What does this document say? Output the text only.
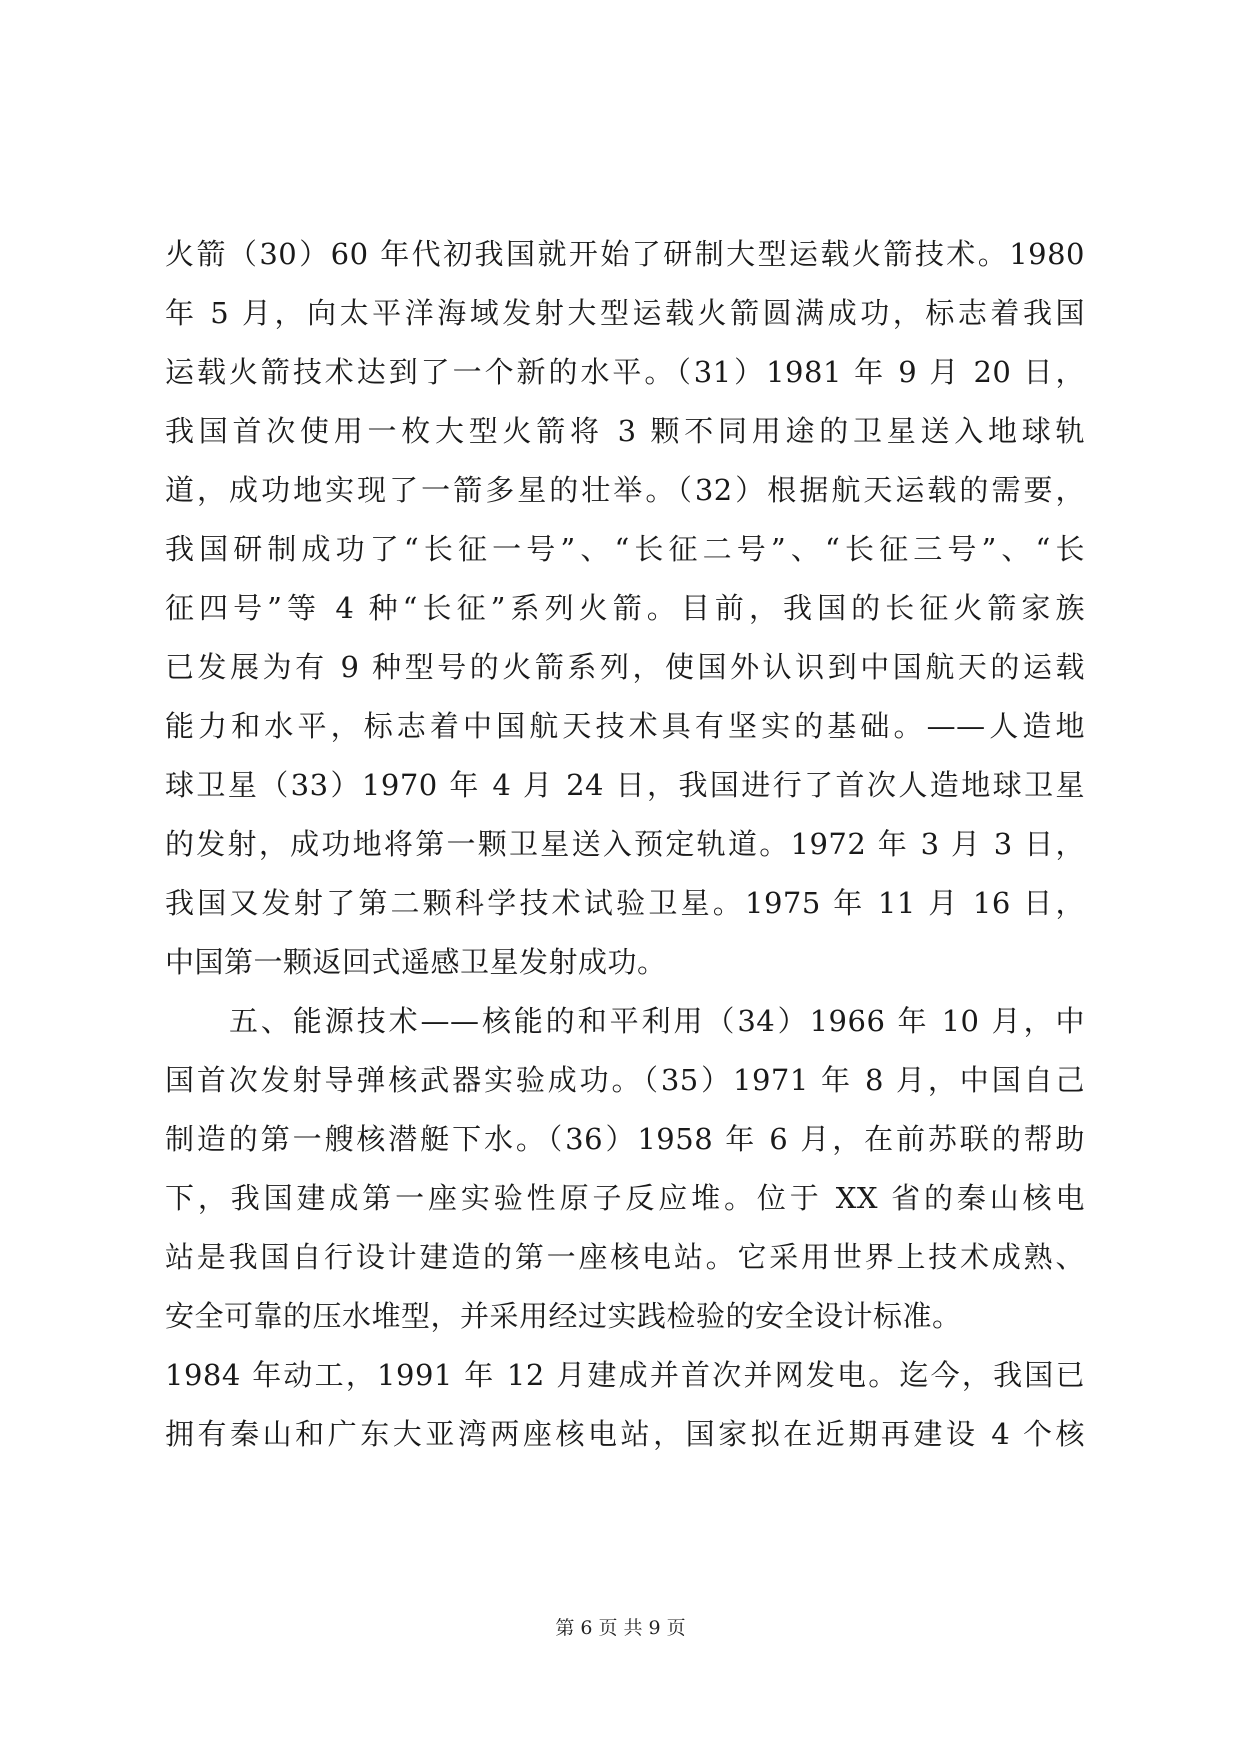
火箭（30）60 年代初我国就开始了研制大型运载火箭技术。1980
年 5 月，向太平洋海域发射大型运载火箭圆满成功，标志着我国
运载火箭技术达到了一个新的水平。（31）1981 年 9 月 20 日，
我国首次使用一枚大型火箭将 3 颗不同用途的卫星送入地球轨
道，成功地实现了一箭多星的壮举。（32）根据航天运载的需要，
我国研制成功了“长征一号”、“长征二号”、“长征三号”、“长
征四号”等 4 种“长征”系列火箭。目前，我国的长征火箭家族
已发展为有 9 种型号的火箭系列，使国外认识到中国航天的运载
能力和水平，标志着中国航天技术具有坚实的基础。——人造地
球卫星（33）1970 年 4 月 24 日，我国进行了首次人造地球卫星
的发射，成功地将第一颗卫星送入预定轨道。1972 年 3 月 3 日，
我国又发射了第二颗科学技术试验卫星。1975 年 11 月 16 日，
中国第一颗返回式遥感卫星发射成功。
五、能源技术——核能的和平利用（34）1966 年 10 月，中
国首次发射导弹核武器实验成功。（35）1971 年 8 月，中国自己
制造的第一艘核潜艇下水。（36）1958 年 6 月，在前苏联的帮助
下，我国建成第一座实验性原子反应堆。位于 XX 省的秦山核电
站是我国自行设计建造的第一座核电站。它采用世界上技术成熟、
安全可靠的压水堆型，并采用经过实践检验的安全设计标准。
1984 年动工，1991 年 12 月建成并首次并网发电。迄今，我国已
拥有秦山和广东大亚湾两座核电站，国家拟在近期再建设 4 个核
第 6 页 共 9 页
